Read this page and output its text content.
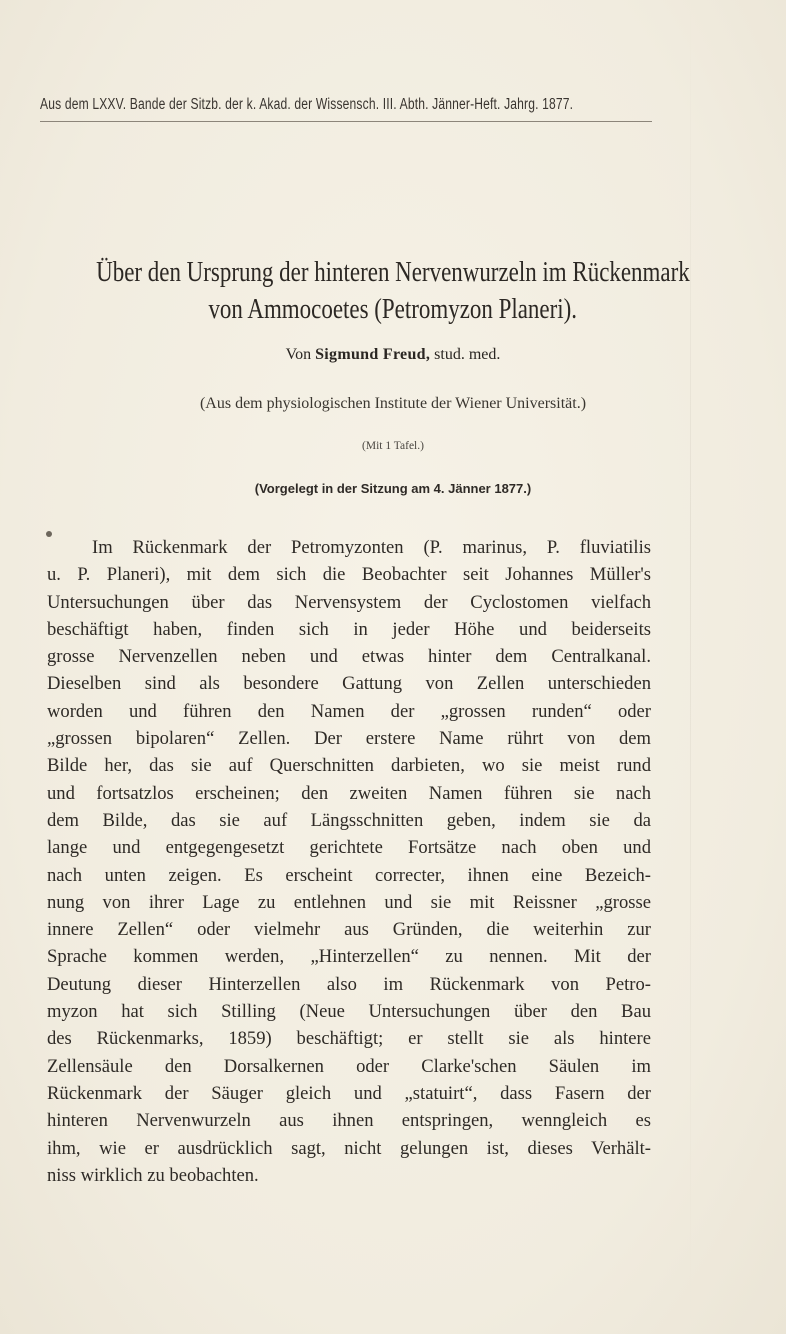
Aus dem LXXV. Bande der Sitzb. der k. Akad. der Wissensch. III. Abth. Jänner-Heft. Jahrg. 1877.
Über den Ursprung der hinteren Nervenwurzeln im Rückenmark
von Ammocoetes (Petromyzon Planeri).
Von Sigmund Freud, stud. med.
(Aus dem physiologischen Institute der Wiener Universität.)
(Mit 1 Tafel.)
(Vorgelegt in der Sitzung am 4. Jänner 1877.)
Im Rückenmark der Petromyzonten (P. marinus, P. fluviatilis
u. P. Planeri), mit dem sich die Beobachter seit Johannes Müller's
Untersuchungen über das Nervensystem der Cyclostomen vielfach
beschäftigt haben, finden sich in jeder Höhe und beiderseits
grosse Nervenzellen neben und etwas hinter dem Centralkanal.
Dieselben sind als besondere Gattung von Zellen unterschieden
worden und führen den Namen der „grossen runden“ oder
„grossen bipolaren“ Zellen. Der erstere Name rührt von dem
Bilde her, das sie auf Querschnitten darbieten, wo sie meist rund
und fortsatzlos erscheinen; den zweiten Namen führen sie nach
dem Bilde, das sie auf Längsschnitten geben, indem sie da
lange und entgegengesetzt gerichtete Fortsätze nach oben und
nach unten zeigen. Es erscheint correcter, ihnen eine Bezeich-
nung von ihrer Lage zu entlehnen und sie mit Reissner „grosse
innere Zellen“ oder vielmehr aus Gründen, die weiterhin zur
Sprache kommen werden, „Hinterzellen“ zu nennen. Mit der
Deutung dieser Hinterzellen also im Rückenmark von Petro-
myzon hat sich Stilling (Neue Untersuchungen über den Bau
des Rückenmarks, 1859) beschäftigt; er stellt sie als hintere
Zellensäule den Dorsalkernen oder Clarke'schen Säulen im
Rückenmark der Säuger gleich und „statuirt“, dass Fasern der
hinteren Nervenwurzeln aus ihnen entspringen, wenngleich es
ihm, wie er ausdrücklich sagt, nicht gelungen ist, dieses Verhält-
niss wirklich zu beobachten.
